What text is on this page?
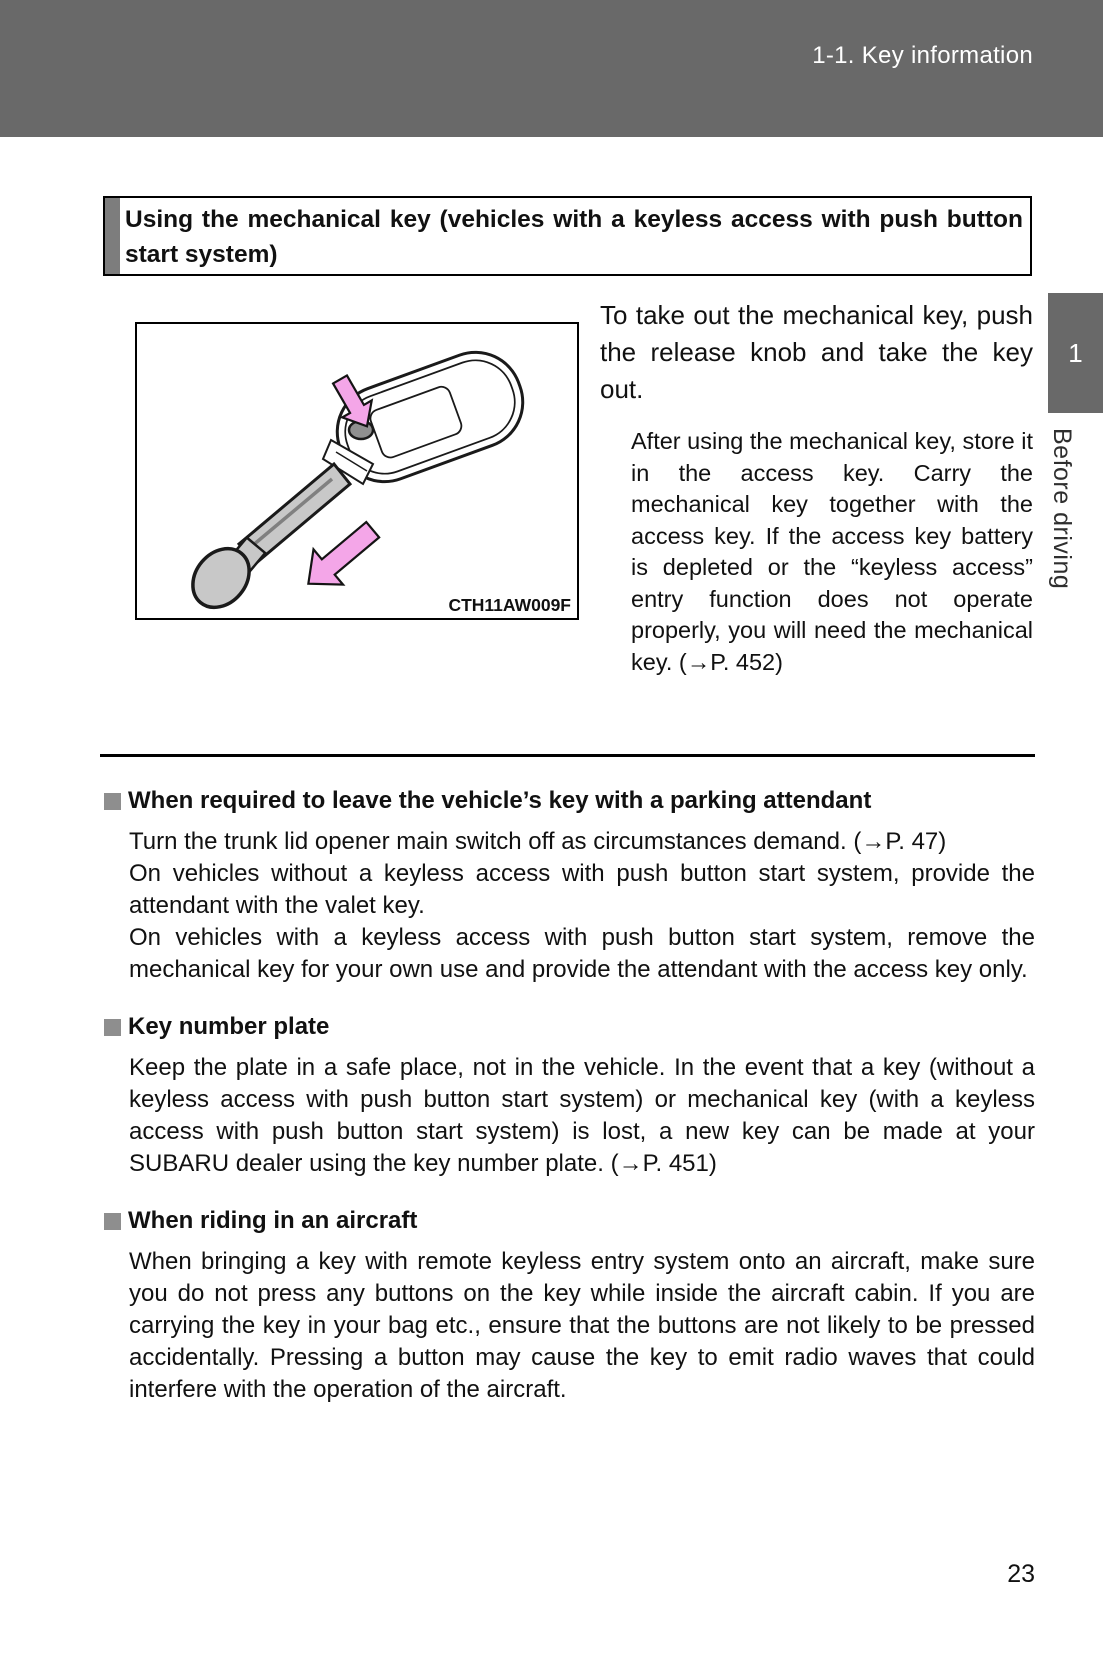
1-1. Key information
Using the mechanical key (vehicles with a keyless access with push button start system)
CTH11AW009F
To take out the mechanical key, push the release knob and take the key out.
After using the mechanical key, store it in the access key. Carry the mechanical key together with the access key. If the access key battery is depleted or the “keyless access” entry function does not operate properly, you will need the mechanical key. (→P. 452)
1
Before driving
When required to leave the vehicle’s key with a parking attendant

Turn the trunk lid opener main switch off as circumstances demand. (→P. 47)

On vehicles without a keyless access with push button start system, provide the attendant with the valet key.

On vehicles with a keyless access with push button start system, remove the mechanical key for your own use and provide the attendant with the access key only.

Key number plate

Keep the plate in a safe place, not in the vehicle. In the event that a key (without a keyless access with push button start system) or mechanical key (with a keyless access with push button start system) is lost, a new key can be made at your SUBARU dealer using the key number plate. (→P. 451)

When riding in an aircraft

When bringing a key with remote keyless entry system onto an aircraft, make sure you do not press any buttons on the key while inside the aircraft cabin. If you are carrying the key in your bag etc., ensure that the buttons are not likely to be pressed accidentally. Pressing a button may cause the key to emit radio waves that could interfere with the operation of the aircraft.

23
